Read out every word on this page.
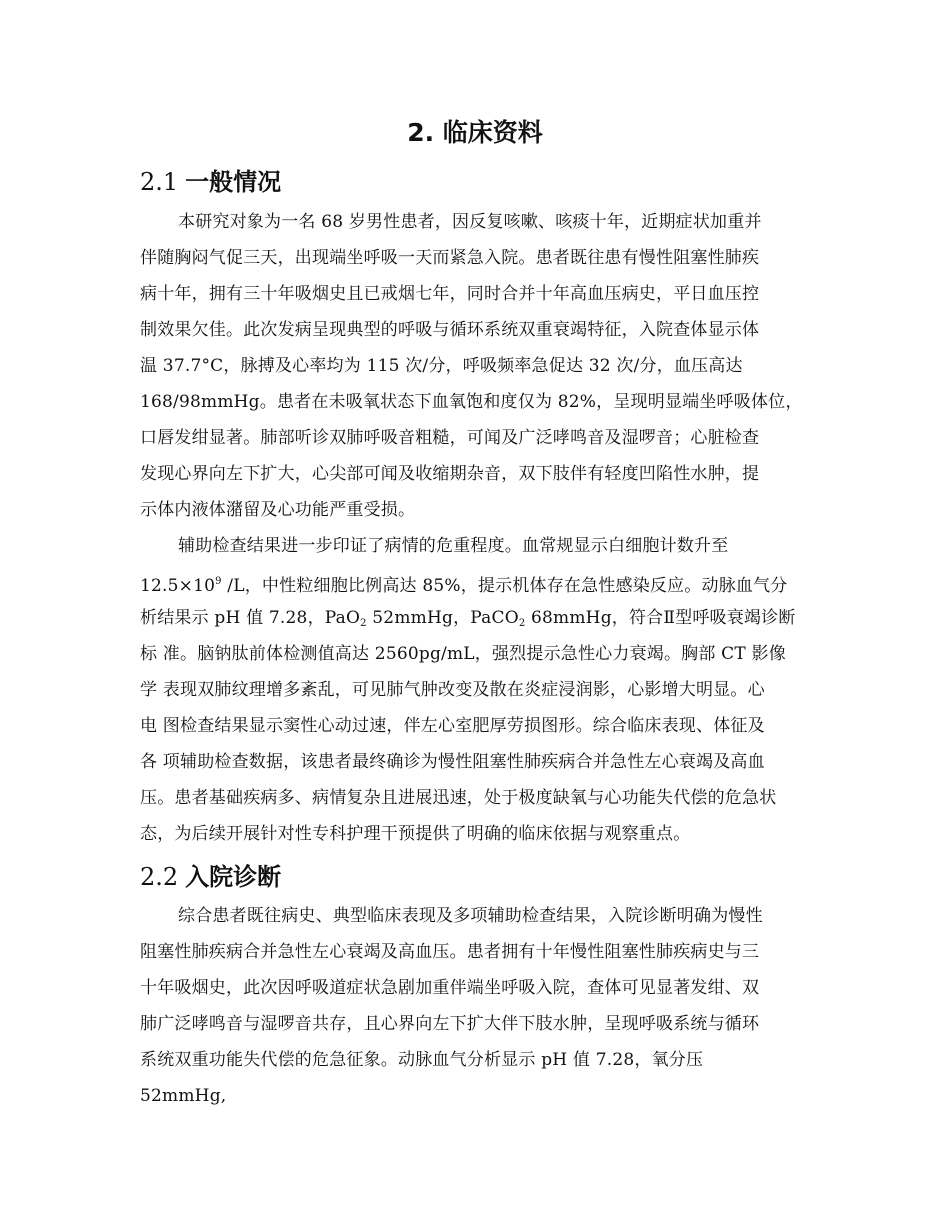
2. 临床资料
2.1 一般情况
本研究对象为一名 68 岁男性患者，因反复咳嗽、咳痰十年，近期症状加重并
伴随胸闷气促三天，出现端坐呼吸一天而紧急入院。患者既往患有慢性阻塞性肺疾
病十年，拥有三十年吸烟史且已戒烟七年，同时合并十年高血压病史，平日血压控
制效果欠佳。此次发病呈现典型的呼吸与循环系统双重衰竭特征，入院查体显示体
温 37.7°C，脉搏及心率均为 115 次/分，呼吸频率急促达 32 次/分，血压高达
168/98mmHg。患者在未吸氧状态下血氧饱和度仅为 82%，呈现明显端坐呼吸体位，
口唇发绀显著。肺部听诊双肺呼吸音粗糙，可闻及广泛哮鸣音及湿啰音；心脏检查
发现心界向左下扩大，心尖部可闻及收缩期杂音，双下肢伴有轻度凹陷性水肿，提
示体内液体潴留及心功能严重受损。
辅助检查结果进一步印证了病情的危重程度。血常规显示白细胞计数升至
$12.5\times 10^9$ /L，中性粒细胞比例高达 85%，提示机体存在急性感染反应。动脉血气分
析结果示 pH 值 7.28，PaO$_2$ 52mmHg，PaCO$_2$ 68mmHg，符合Ⅱ型呼吸衰竭诊断
标 准。脑钠肽前体检测值高达 2560pg/mL，强烈提示急性心力衰竭。胸部 CT 影像
学 表现双肺纹理增多紊乱，可见肺气肿改变及散在炎症浸润影，心影增大明显。心
电 图检查结果显示窦性心动过速，伴左心室肥厚劳损图形。综合临床表现、体征及
各 项辅助检查数据，该患者最终确诊为慢性阻塞性肺疾病合并急性左心衰竭及高血
压。患者基础疾病多、病情复杂且进展迅速，处于极度缺氧与心功能失代偿的危急状
态，为后续开展针对性专科护理干预提供了明确的临床依据与观察重点。
2.2 入院诊断
综合患者既往病史、典型临床表现及多项辅助检查结果，入院诊断明确为慢性
阻塞性肺疾病合并急性左心衰竭及高血压。患者拥有十年慢性阻塞性肺疾病史与三
十年吸烟史，此次因呼吸道症状急剧加重伴端坐呼吸入院，查体可见显著发绀、双
肺广泛哮鸣音与湿啰音共存，且心界向左下扩大伴下肢水肿，呈现呼吸系统与循环
系统双重功能失代偿的危急征象。动脉血气分析显示 pH 值 7.28，氧分压
52mmHg,
